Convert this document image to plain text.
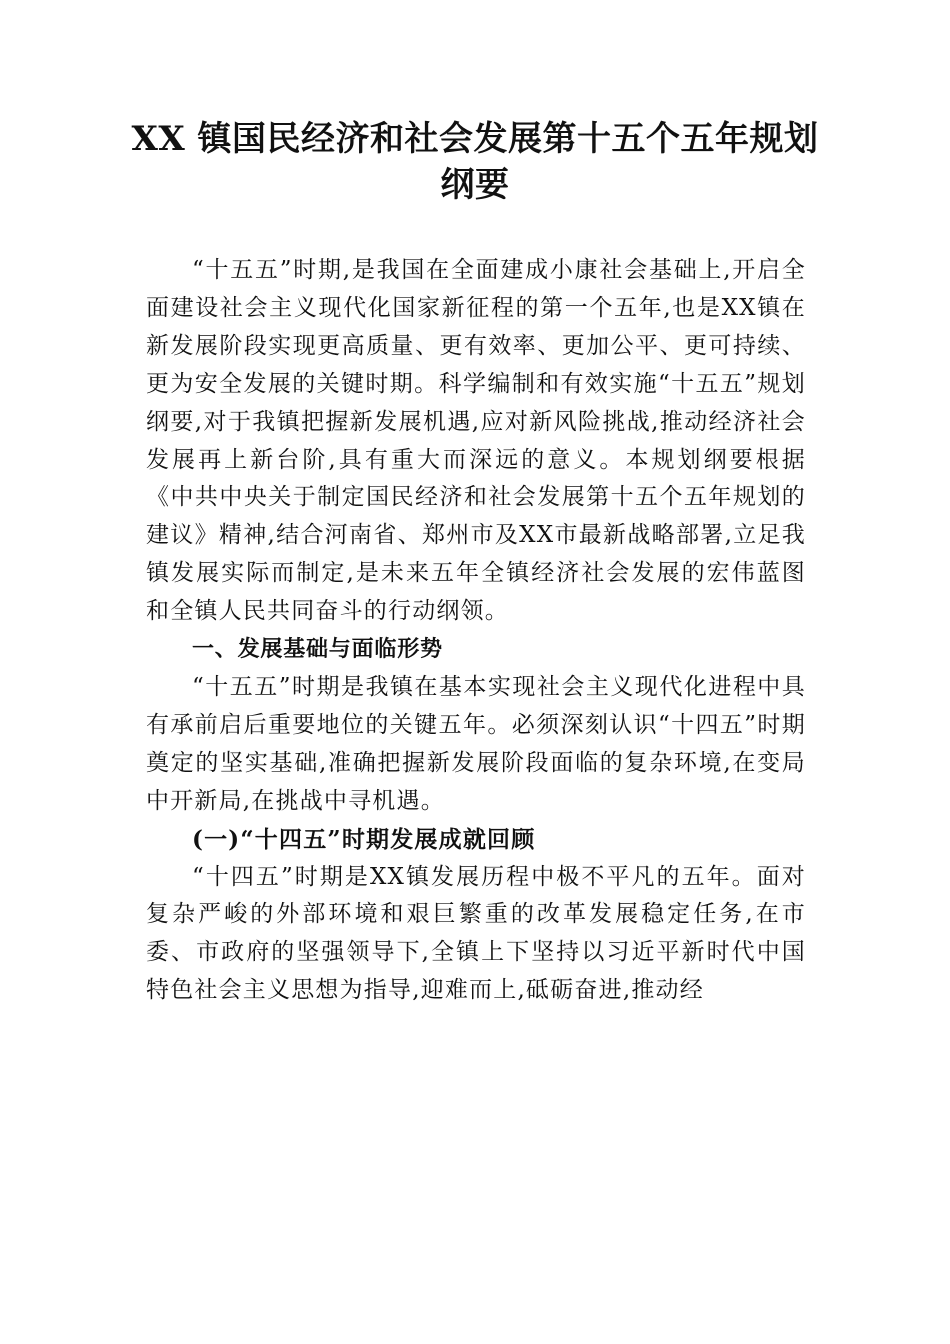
XX 镇国民经济和社会发展第十五个五年规划纲要

“十五五”时期,是我国在全面建成小康社会基础上,开启全面建设社会主义现代化国家新征程的第一个五年,也是XX镇在新发展阶段实现更高质量、更有效率、更加公平、更可持续、更为安全发展的关键时期。科学编制和有效实施“十五五”规划纲要,对于我镇把握新发展机遇,应对新风险挑战,推动经济社会发展再上新台阶,具有重大而深远的意义。本规划纲要根据《中共中央关于制定国民经济和社会发展第十五个五年规划的建议》精神,结合河南省、郑州市及XX市最新战略部署,立足我镇发展实际而制定,是未来五年全镇经济社会发展的宏伟蓝图和全镇人民共同奋斗的行动纲领。

一、发展基础与面临形势

“十五五”时期是我镇在基本实现社会主义现代化进程中具有承前启后重要地位的关键五年。必须深刻认识“十四五”时期奠定的坚实基础,准确把握新发展阶段面临的复杂环境,在变局中开新局,在挑战中寻机遇。

(一)“十四五”时期发展成就回顾

“十四五”时期是XX镇发展历程中极不平凡的五年。面对复杂严峻的外部环境和艰巨繁重的改革发展稳定任务,在市委、市政府的坚强领导下,全镇上下坚持以习近平新时代中国特色社会主义思想为指导,迎难而上,砥砺奋进,推动经
